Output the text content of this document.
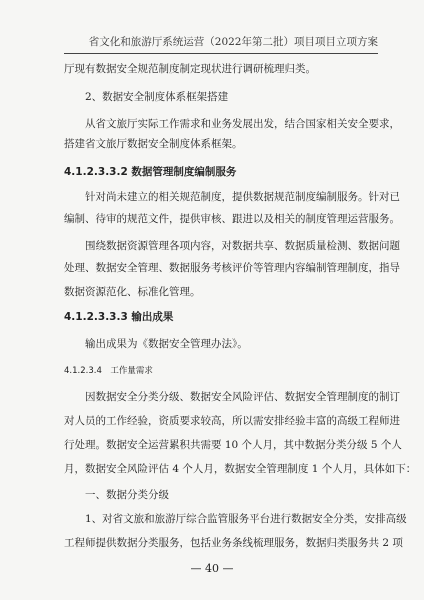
省文化和旅游厅系统运营（2022年第二批）项目项目立项方案
厅现有数据安全规范制度制定现状进行调研梳理归类。
2、数据安全制度体系框架搭建
从省文旅厅实际工作需求和业务发展出发，结合国家相关安全要求，
搭建省文旅厅数据安全制度体系框架。
4.1.2.3.3.2 数据管理制度编制服务
针对尚未建立的相关规范制度，提供数据规范制度编制服务。针对已
编制、待审的规范文件，提供审核、跟进以及相关的制度管理运营服务。
围绕数据资源管理各项内容，对数据共享、数据质量检测、数据问题
处理、数据安全管理、数据服务考核评价等管理内容编制管理制度，指导
数据资源范化、标准化管理。
4.1.2.3.3.3 输出成果
输出成果为《数据安全管理办法》。
4.1.2.3.4　工作量需求
因数据安全分类分级、数据安全风险评估、数据安全管理制度的制订
对人员的工作经验，资质要求较高，所以需安排经验丰富的高级工程师进
行处理。数据安全运营累积共需要 10 个人月，其中数据分类分级 5 个人
月，数据安全风险评估 4 个人月，数据安全管理制度 1 个人月，具体如下：
一、数据分类分级
1、对省文旅和旅游厅综合监管服务平台进行数据安全分类，安排高级
工程师提供数据分类服务，包括业务条线梳理服务，数据归类服务共 2 项
— 40 —
